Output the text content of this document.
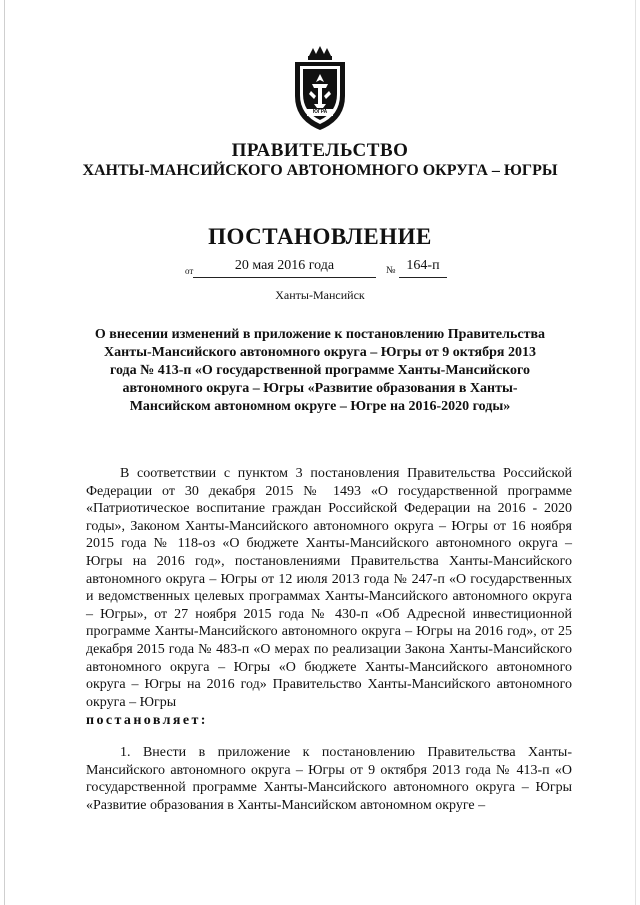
ЮГРА
ПРАВИТЕЛЬСТВО
ХАНТЫ-МАНСИЙСКОГО АВТОНОМНОГО ОКРУГА – ЮГРЫ
ПОСТАНОВЛЕНИЕ
от	20 мая 2016 года	№ 164-п
Ханты-Мансийск
О внесении изменений в приложение к постановлению Правительства Ханты-Мансийского автономного округа – Югры от 9 октября 2013 года № 413-п «О государственной программе Ханты-Мансийского автономного округа – Югры «Развитие образования в Ханты-Мансийском автономном округе – Югре на 2016-2020 годы»
В соответствии с пунктом 3 постановления Правительства Российской Федерации от 30 декабря 2015 № 1493 «О государственной программе «Патриотическое воспитание граждан Российской Федерации на 2016 - 2020 годы», Законом Ханты-Мансийского автономного округа – Югры от 16 ноября 2015 года № 118-оз «О бюджете Ханты-Мансийского автономного округа – Югры на 2016 год», постановлениями Правительства Ханты-Мансийского автономного округа – Югры от 12 июля 2013 года № 247-п «О государственных и ведомственных целевых программах Ханты-Мансийского автономного округа – Югры», от 27 ноября 2015 года № 430-п «Об Адресной инвестиционной программе Ханты-Мансийского автономного округа – Югры на 2016 год», от 25 декабря 2015 года № 483-п «О мерах по реализации Закона Ханты-Мансийского автономного округа – Югры «О бюджете Ханты-Мансийского автономного округа – Югры на 2016 год» Правительство Ханты-Мансийского автономного округа – Югры
постановляет:
1. Внести в приложение к постановлению Правительства Ханты-Мансийского автономного округа – Югры от 9 октября 2013 года № 413-п «О государственной программе Ханты-Мансийского автономного округа – Югры «Развитие образования в Ханты-Мансийском автономном округе –
